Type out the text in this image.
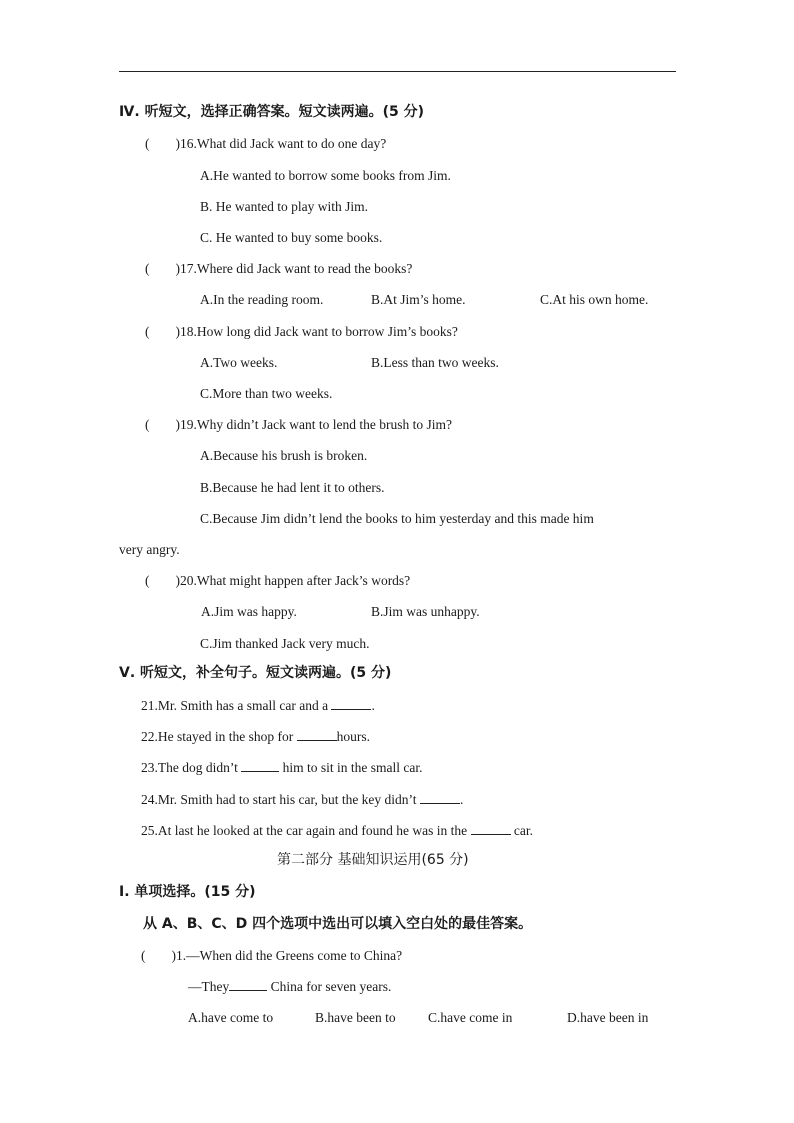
Ⅳ. 听短文，选择正确答案。短文读两遍。(5 分)
( )16.What did Jack want to do one day?
A.He wanted to borrow some books from Jim.
B. He wanted to play with Jim.
C. He wanted to buy some books.
( )17.Where did Jack want to read the books?
A.In the reading room.	B.At Jim’s home.	C.At his own home.
( )18.How long did Jack want to borrow Jim’s books?
A.Two weeks.	B.Less than two weeks.
C.More than two weeks.
( )19.Why didn’t Jack want to lend the brush to Jim?
A.Because his brush is broken.
B.Because he had lent it to others.
C.Because Jim didn’t lend the books to him yesterday and this made him
very angry.
( )20.What might happen after Jack’s words?
A.Jim was happy.	B.Jim was unhappy.
C.Jim thanked Jack very much.
Ⅴ. 听短文，补全句子。短文读两遍。(5 分)
21.Mr. Smith has a small car and a	.
22.He stayed in the shop for	hours.
23.The dog didn’t	him to sit in the small car.
24.Mr. Smith had to start his car, but the key didn’t	.
25.At last he looked at the car again and found he was in the	car.
第二部分 基础知识运用(65 分)
Ⅰ. 单项选择。(15 分)
从 A、B、C、D 四个选项中选出可以填入空白处的最佳答案。
( )1.—When did the Greens come to China?
—They	China for seven years.
A.have come to	B.have been to C.have come in	D.have been in
